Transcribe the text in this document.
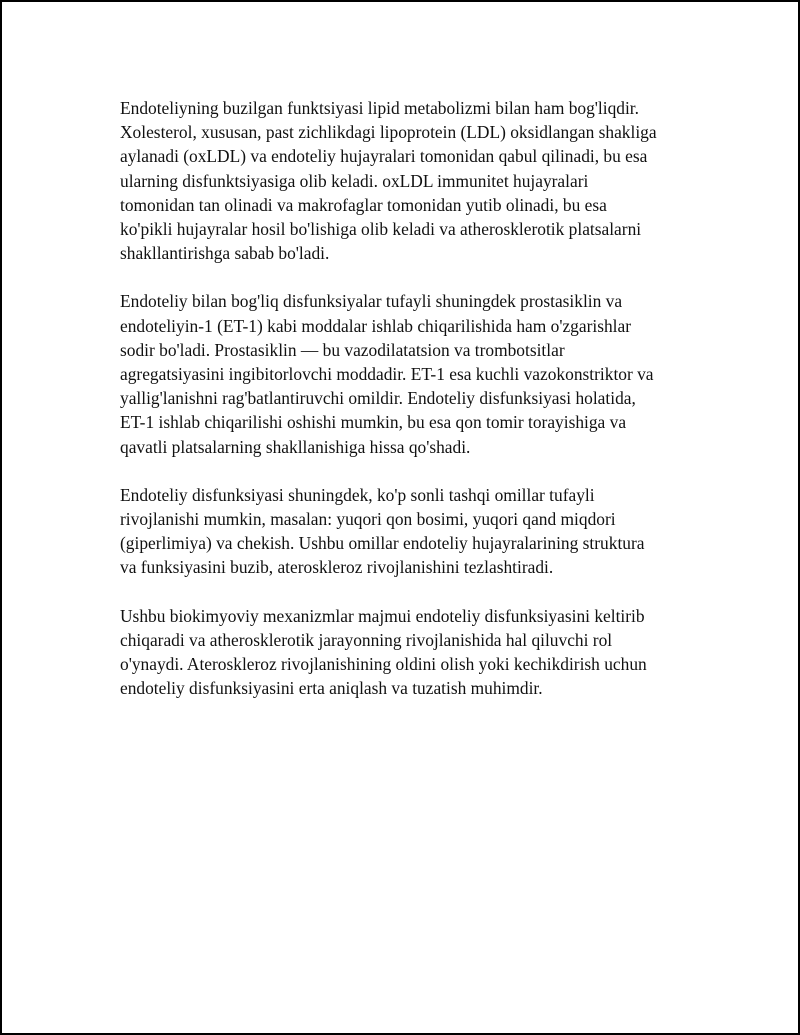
Endoteliyning buzilgan funktsiyasi lipid metabolizmi bilan ham bog'liqdir.
Xolesterol, xususan, past zichlikdagi lipoprotein (LDL) oksidlangan shakliga
aylanadi (oxLDL) va endoteliy hujayralari tomonidan qabul qilinadi, bu esa
ularning disfunktsiyasiga olib keladi. oxLDL immunitet hujayralari
tomonidan tan olinadi va makrofaglar tomonidan yutib olinadi, bu esa
ko'pikli hujayralar hosil bo'lishiga olib keladi va atherosklerotik platsalarni
shakllantirishga sabab bo'ladi.

Endoteliy bilan bog'liq disfunksiyalar tufayli shuningdek prostasiklin va
endoteliyin-1 (ET-1) kabi moddalar ishlab chiqarilishida ham o'zgarishlar
sodir bo'ladi. Prostasiklin — bu vazodilatatsion va trombotsitlar
agregatsiyasini ingibitorlovchi moddadir. ET-1 esa kuchli vazokonstriktor va
yallig'lanishni rag'batlantiruvchi omildir. Endoteliy disfunksiyasi holatida,
ET-1 ishlab chiqarilishi oshishi mumkin, bu esa qon tomir torayishiga va
qavatli platsalarning shakllanishiga hissa qo'shadi.

Endoteliy disfunksiyasi shuningdek, ko'p sonli tashqi omillar tufayli
rivojlanishi mumkin, masalan: yuqori qon bosimi, yuqori qand miqdori
(giperlimiya) va chekish. Ushbu omillar endoteliy hujayralarining struktura
va funksiyasini buzib, ateroskleroz rivojlanishini tezlashtiradi.

Ushbu biokimyoviy mexanizmlar majmui endoteliy disfunksiyasini keltirib
chiqaradi va atherosklerotik jarayonning rivojlanishida hal qiluvchi rol
o'ynaydi. Ateroskleroz rivojlanishining oldini olish yoki kechikdirish uchun
endoteliy disfunksiyasini erta aniqlash va tuzatish muhimdir.
